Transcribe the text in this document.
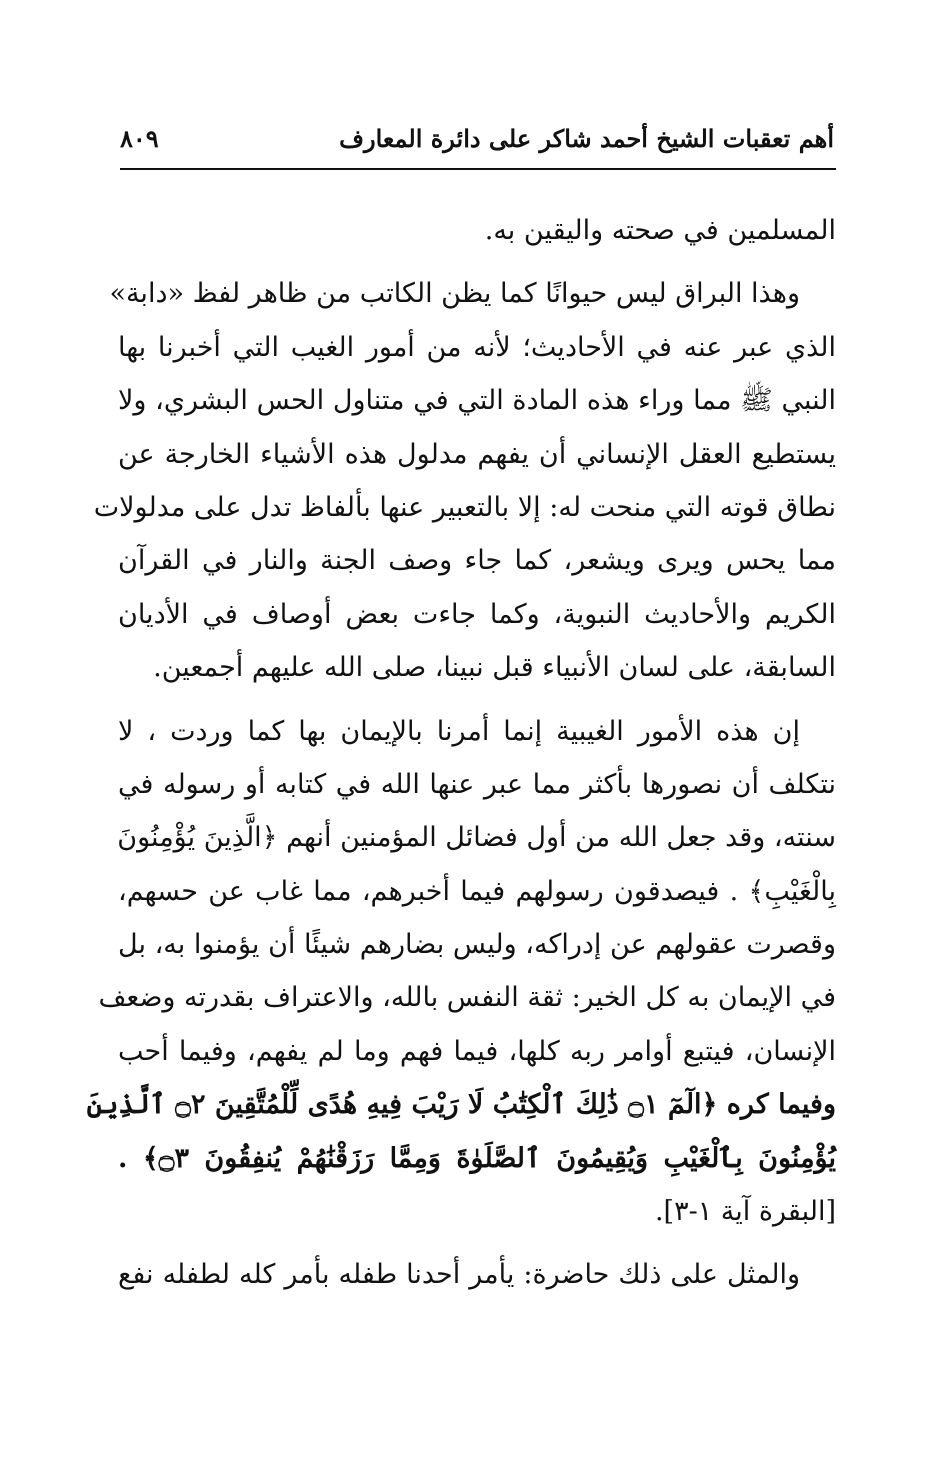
أهم تعقبات الشيخ أحمد شاكر على دائرة المعارف
٨٠٩
المسلمين في صحته واليقين به.
وهذا البراق ليس حيوانًا كما يظن الكاتب من ظاهر لفظ «دابة»
الذي عبر عنه في الأحاديث؛ لأنه من أمور الغيب التي أخبرنا بها
النبي ﷺ مما وراء هذه المادة التي في متناول الحس البشري، ولا
يستطيع العقل الإنساني أن يفهم مدلول هذه الأشياء الخارجة عن
نطاق قوته التي منحت له: إلا بالتعبير عنها بألفاظ تدل على مدلولات
مما يحس ويرى ويشعر، كما جاء وصف الجنة والنار في القرآن
الكريم والأحاديث النبوية، وكما جاءت بعض أوصاف في الأديان
السابقة، على لسان الأنبياء قبل نبينا، صلى الله عليهم أجمعين.
إن هذه الأمور الغيبية إنما أمرنا بالإيمان بها كما وردت ، لا
نتكلف أن نصورها بأكثر مما عبر عنها الله في كتابه أو رسوله في
سنته، وقد جعل الله من أول فضائل المؤمنين أنهم ﴿الَّذِينَ يُؤْمِنُونَ
بِالْغَيْبِ﴾ . فيصدقون رسولهم فيما أخبرهم، مما غاب عن حسهم،
وقصرت عقولهم عن إدراكه، وليس بضارهم شيئًا أن يؤمنوا به، بل
في الإيمان به كل الخير: ثقة النفس بالله، والاعتراف بقدرته وضعف
الإنسان، فيتبع أوامر ربه كلها، فيما فهم وما لم يفهم، وفيما أحب
وفيما كره ﴿الٓمٓ ۝١ ذَٰلِكَ ٱلْكِتَٰبُ لَا رَيْبَ فِيهِ هُدًى لِّلْمُتَّقِينَ ۝٢ ٱلَّذِينَ
يُؤْمِنُونَ بِٱلْغَيْبِ وَيُقِيمُونَ ٱلصَّلَوٰةَ وَمِمَّا رَزَقْنَٰهُمْ يُنفِقُونَ ۝٣﴾ .
[البقرة آية ١-٣].
والمثل على ذلك حاضرة: يأمر أحدنا طفله بأمر كله لطفله نفع
